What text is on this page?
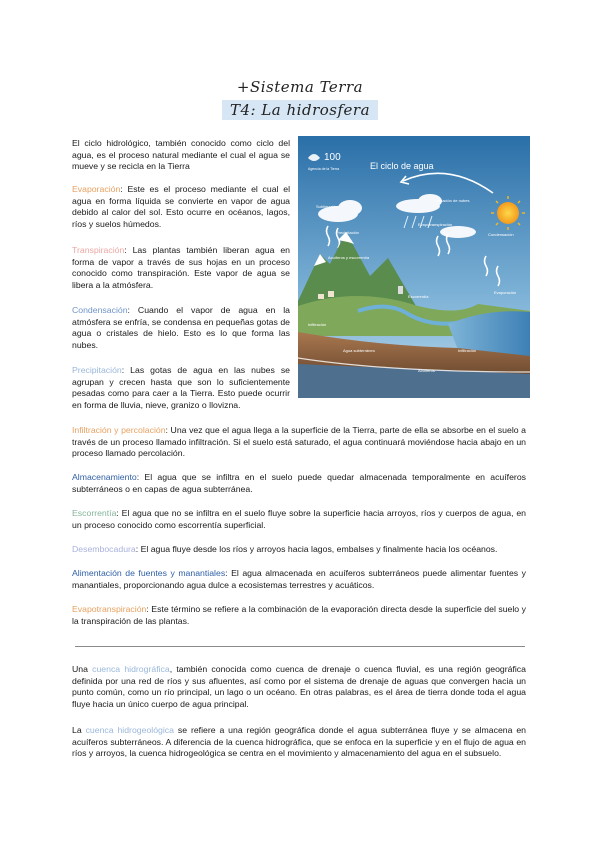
+Sistema Terra
T4: La hidrosfera

El ciclo hidrológico, también conocido como ciclo del agua, es el proceso natural mediante el cual el agua se mueve y se recicla en la Tierra

Evaporación: Este es el proceso mediante el cual el agua en forma líquida se convierte en vapor de agua debido al calor del sol. Esto ocurre en océanos, lagos, ríos y suelos húmedos.

Transpiración: Las plantas también liberan agua en forma de vapor a través de sus hojas en un proceso conocido como transpiración. Este vapor de agua se libera a la atmósfera.

Condensación: Cuando el vapor de agua en la atmósfera se enfría, se condensa en pequeñas gotas de agua o cristales de hielo. Esto es lo que forma las nubes.

Precipitación: Las gotas de agua en las nubes se agrupan y crecen hasta que son lo suficientemente pesadas como para caer a la Tierra. Esto puede ocurrir en forma de lluvia, nieve, granizo o llovizna.

Infiltración y percolación: Una vez que el agua llega a la superficie de la Tierra, parte de ella se absorbe en el suelo a través de un proceso llamado infiltración. Si el suelo está saturado, el agua continuará moviéndose hacia abajo en un proceso llamado percolación.

Almacenamiento: El agua que se infiltra en el suelo puede quedar almacenada temporalmente en acuíferos subterráneos o en capas de agua subterránea.

Escorrentía: El agua que no se infiltra en el suelo fluye sobre la superficie hacia arroyos, ríos y cuerpos de agua, en un proceso conocido como escorrentía superficial.

Desembocadura: El agua fluye desde los ríos y arroyos hacia lagos, embalses y finalmente hacia los océanos.

Alimentación de fuentes y manantiales: El agua almacenada en acuíferos subterráneos puede alimentar fuentes y manantiales, proporcionando agua dulce a ecosistemas terrestres y acuáticos.

Evapotranspiración: Este término se refiere a la combinación de la evaporación directa desde la superficie del suelo y la transpiración de las plantas.

Una cuenca hidrográfica, también conocida como cuenca de drenaje o cuenca fluvial, es una región geográfica definida por una red de ríos y sus afluentes, así como por el sistema de drenaje de aguas que convergen hacia un punto común, como un río principal, un lago o un océano. En otras palabras, es el área de tierra donde toda el agua fluye hacia un único cuerpo de agua principal.

La cuenca hidrogeológica se refiere a una región geográfica donde el agua subterránea fluye y se almacena en acuíferos subterráneos. A diferencia de la cuenca hidrográfica, que se enfoca en la superficie y en el flujo de agua en ríos y arroyos, la cuenca hidrogeológica se centra en el movimiento y almacenamiento del agua en el subsuelo.

100
Agencia de la Tierra	El ciclo de agua
Sublimación
Formación de nubes
Evapotranspiración
Condensación
Precipitación
Acuíferos y escorrentía
Escorrentía
Evaporación
Infiltración
Agua subterráneo	Infiltración
Acuíferos
